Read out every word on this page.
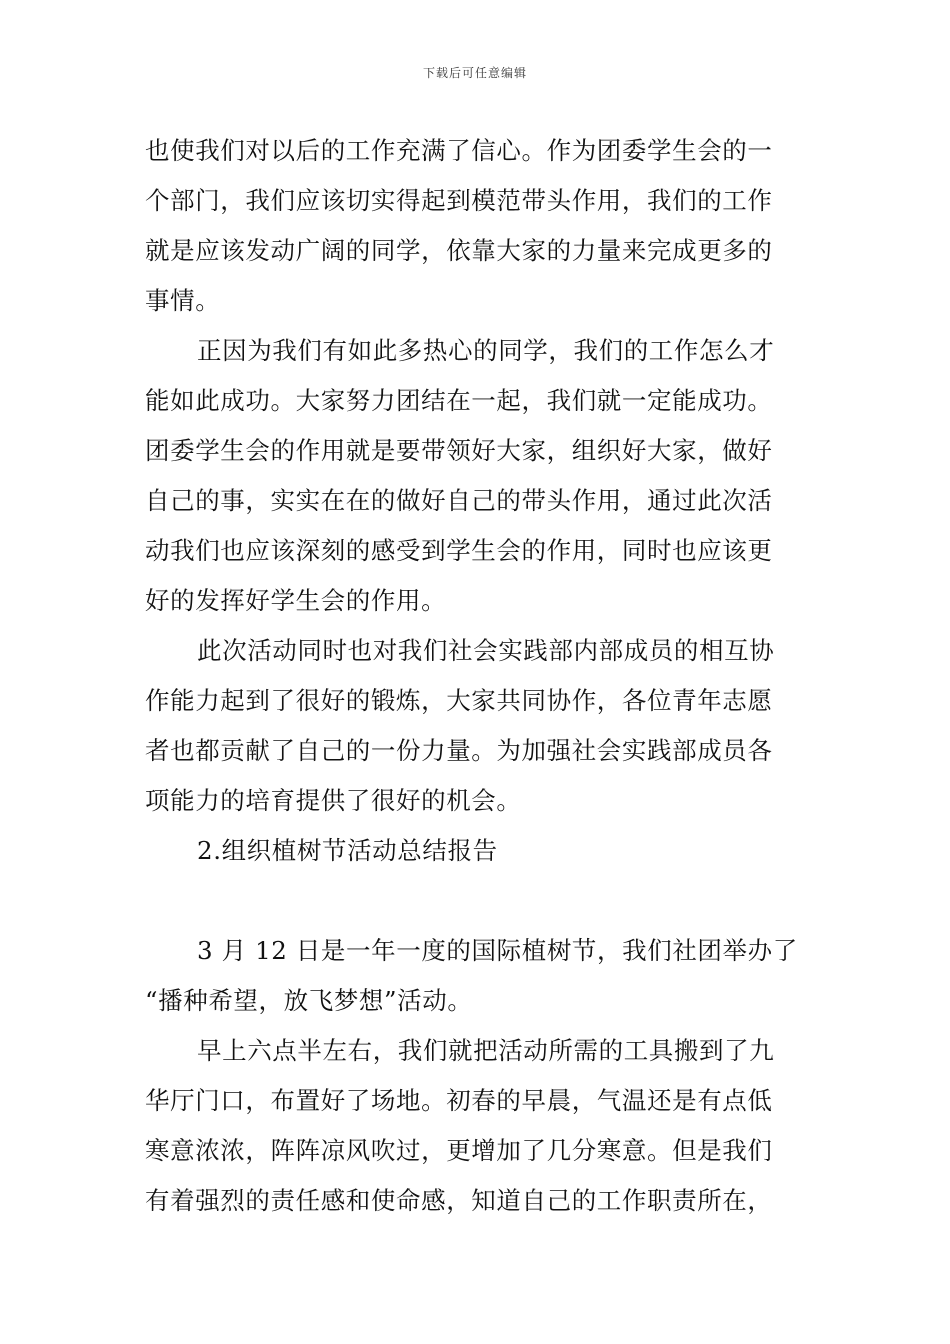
下载后可任意编辑
也使我们对以后的工作充满了信心。作为团委学生会的一
个部门，我们应该切实得起到模范带头作用，我们的工作
就是应该发动广阔的同学，依靠大家的力量来完成更多的
事情。
正因为我们有如此多热心的同学，我们的工作怎么才
能如此成功。大家努力团结在一起，我们就一定能成功。
团委学生会的作用就是要带领好大家，组织好大家，做好
自己的事，实实在在的做好自己的带头作用，通过此次活
动我们也应该深刻的感受到学生会的作用，同时也应该更
好的发挥好学生会的作用。
此次活动同时也对我们社会实践部内部成员的相互协
作能力起到了很好的锻炼，大家共同协作，各位青年志愿
者也都贡献了自己的一份力量。为加强社会实践部成员各
项能力的培育提供了很好的机会。
2.组织植树节活动总结报告
3 月 12 日是一年一度的国际植树节，我们社团举办了
“播种希望，放飞梦想”活动。
早上六点半左右，我们就把活动所需的工具搬到了九
华厅门口，布置好了场地。初春的早晨，气温还是有点低
寒意浓浓，阵阵凉风吹过，更增加了几分寒意。但是我们
有着强烈的责任感和使命感，知道自己的工作职责所在，
